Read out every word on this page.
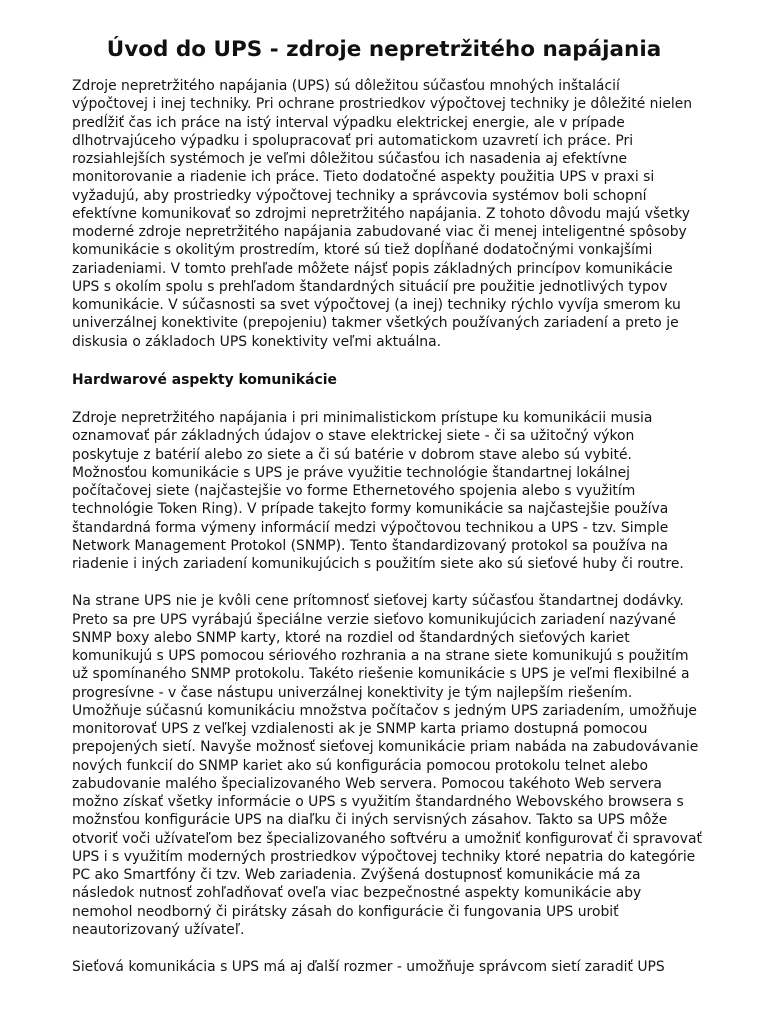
Úvod do UPS - zdroje nepretržitého napájania

Zdroje nepretržitého napájania (UPS) sú dôležitou súčasťou mnohých inštalácií
výpočtovej i inej techniky. Pri ochrane prostriedkov výpočtovej techniky je dôležité nielen
predĺžiť čas ich práce na istý interval výpadku elektrickej energie, ale v prípade
dlhotrvajúceho výpadku i spolupracovať pri automatickom uzavretí ich práce. Pri
rozsiahlejších systémoch je veľmi dôležitou súčasťou ich nasadenia aj efektívne
monitorovanie a riadenie ich práce. Tieto dodatočné aspekty použitia UPS v praxi si
vyžadujú, aby prostriedky výpočtovej techniky a správcovia systémov boli schopní
efektívne komunikovať so zdrojmi nepretržitého napájania. Z tohoto dôvodu majú všetky
moderné zdroje nepretržitého napájania zabudované viac či menej inteligentné spôsoby
komunikácie s okolitým prostredím, ktoré sú tiež dopĺňané dodatočnými vonkajšími
zariadeniami. V tomto prehľade môžete nájsť popis základných princípov komunikácie
UPS s okolím spolu s prehľadom štandardných situácií pre použitie jednotlivých typov
komunikácie. V súčasnosti sa svet výpočtovej (a inej) techniky rýchlo vyvíja smerom ku
univerzálnej konektivite (prepojeniu) takmer všetkých používaných zariadení a preto je
diskusia o základoch UPS konektivity veľmi aktuálna.

Hardwarové aspekty komunikácie

Zdroje nepretržitého napájania i pri minimalistickom prístupe ku komunikácii musia
oznamovať pár základných údajov o stave elektrickej siete - či sa užitočný výkon
poskytuje z batérií alebo zo siete a či sú batérie v dobrom stave alebo sú vybité.
Možnosťou komunikácie s UPS je práve využitie technológie štandartnej lokálnej
počítačovej siete (najčastejšie vo forme Ethernetového spojenia alebo s využitím
technológie Token Ring). V prípade takejto formy komunikácie sa najčastejšie používa
štandardná forma výmeny informácií medzi výpočtovou technikou a UPS - tzv. Simple
Network Management Protokol (SNMP). Tento štandardizovaný protokol sa používa na
riadenie i iných zariadení komunikujúcich s použitím siete ako sú sieťové huby či routre.

Na strane UPS nie je kvôli cene prítomnosť sieťovej karty súčasťou štandartnej dodávky.
Preto sa pre UPS vyrábajú špeciálne verzie sieťovo komunikujúcich zariadení nazývané
SNMP boxy alebo SNMP karty, ktoré na rozdiel od štandardných sieťových kariet
komunikujú s UPS pomocou sériového rozhrania a na strane siete komunikujú s použitím
už spomínaného SNMP protokolu. Takéto riešenie komunikácie s UPS je veľmi flexibilné a
progresívne - v čase nástupu univerzálnej konektivity je tým najlepším riešením.
Umožňuje súčasnú komunikáciu množstva počítačov s jedným UPS zariadením, umožňuje
monitorovať UPS z veľkej vzdialenosti ak je SNMP karta priamo dostupná pomocou
prepojených sietí. Navyše možnosť sieťovej komunikácie priam nabáda na zabudovávanie
nových funkcií do SNMP kariet ako sú konfigurácia pomocou protokolu telnet alebo
zabudovanie malého špecializovaného Web servera. Pomocou takéhoto Web servera
možno získať všetky informácie o UPS s využitím štandardného Webovského browsera s
možnsťou konfigurácie UPS na diaľku či iných servisných zásahov. Takto sa UPS môže
otvoriť voči užívateľom bez špecializovaného softvéru a umožniť konfigurovať či spravovať
UPS i s využitím moderných prostriedkov výpočtovej techniky ktoré nepatria do kategórie
PC ako Smartfóny či tzv. Web zariadenia. Zvýšená dostupnosť komunikácie má za
následok nutnosť zohľadňovať oveľa viac bezpečnostné aspekty komunikácie aby
nemohol neodborný či pirátsky zásah do konfigurácie či fungovania UPS urobiť
neautorizovaný užívateľ.

Sieťová komunikácia s UPS má aj ďalší rozmer - umožňuje správcom sietí zaradiť UPS
